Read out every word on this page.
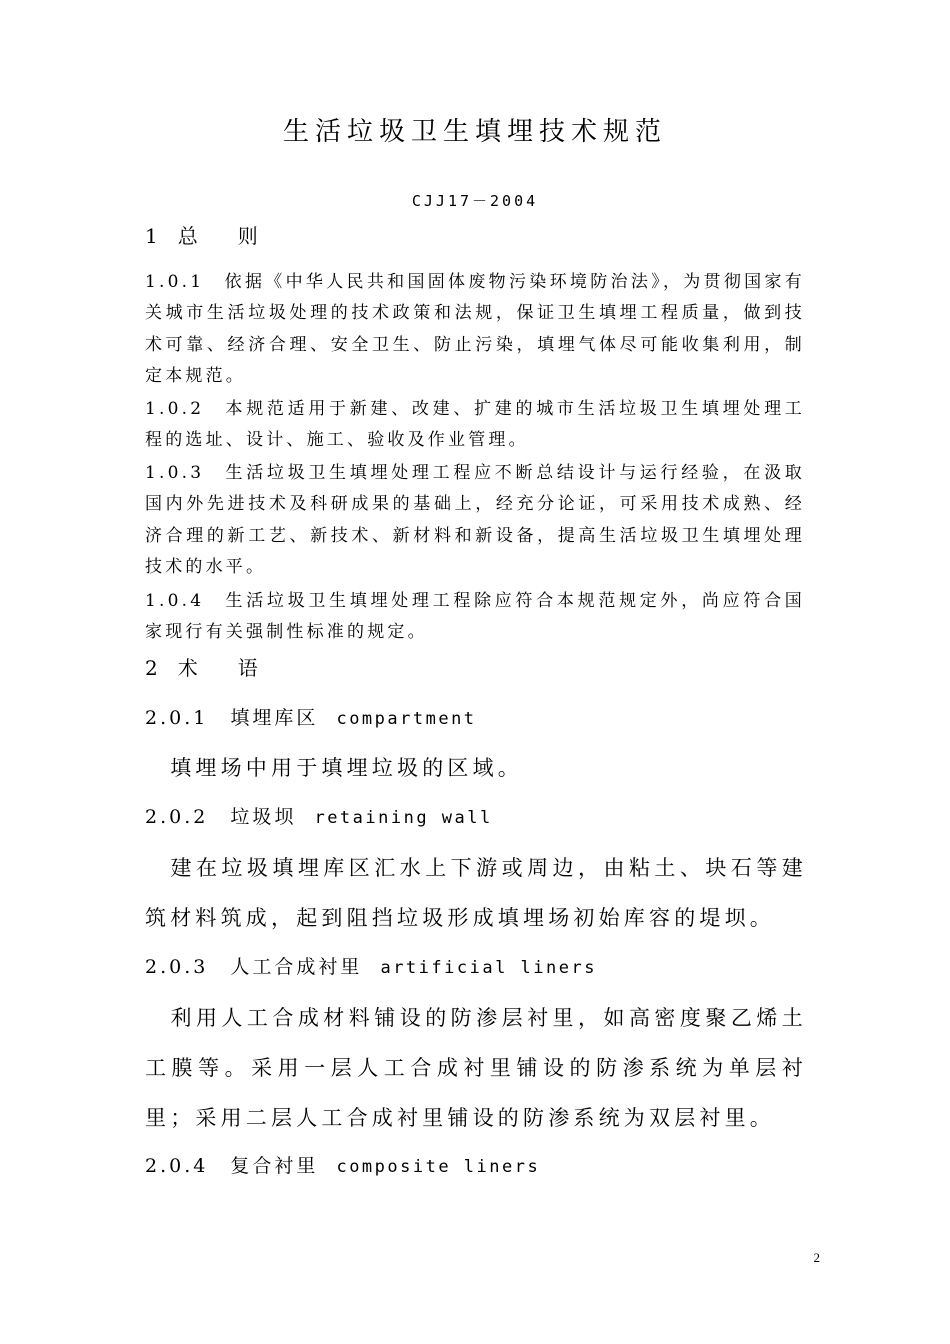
生活垃圾卫生填埋技术规范
CJJ17－2004
1　总　　则
1.0.1　依据《中华人民共和国固体废物污染环境防治法》，为贯彻国家有关城市生活垃圾处理的技术政策和法规，保证卫生填埋工程质量，做到技术可靠、经济合理、安全卫生、防止污染，填埋气体尽可能收集利用，制定本规范。
1.0.2　本规范适用于新建、改建、扩建的城市生活垃圾卫生填埋处理工程的选址、设计、施工、验收及作业管理。
1.0.3　生活垃圾卫生填埋处理工程应不断总结设计与运行经验，在汲取国内外先进技术及科研成果的基础上，经充分论证，可采用技术成熟、经济合理的新工艺、新技术、新材料和新设备，提高生活垃圾卫生填埋处理技术的水平。
1.0.4　生活垃圾卫生填埋处理工程除应符合本规范规定外，尚应符合国家现行有关强制性标准的规定。
2　术　　语
2.0.1　填埋库区 compartment
　填埋场中用于填埋垃圾的区域。
2.0.2　垃圾坝 retaining wall
　建在垃圾填埋库区汇水上下游或周边，由粘土、块石等建筑材料筑成，起到阻挡垃圾形成填埋场初始库容的堤坝。
2.0.3　人工合成衬里 artificial liners
　利用人工合成材料铺设的防渗层衬里，如高密度聚乙烯土工膜等。采用一层人工合成衬里铺设的防渗系统为单层衬里；采用二层人工合成衬里铺设的防渗系统为双层衬里。
2.0.4　复合衬里 composite liners
2
